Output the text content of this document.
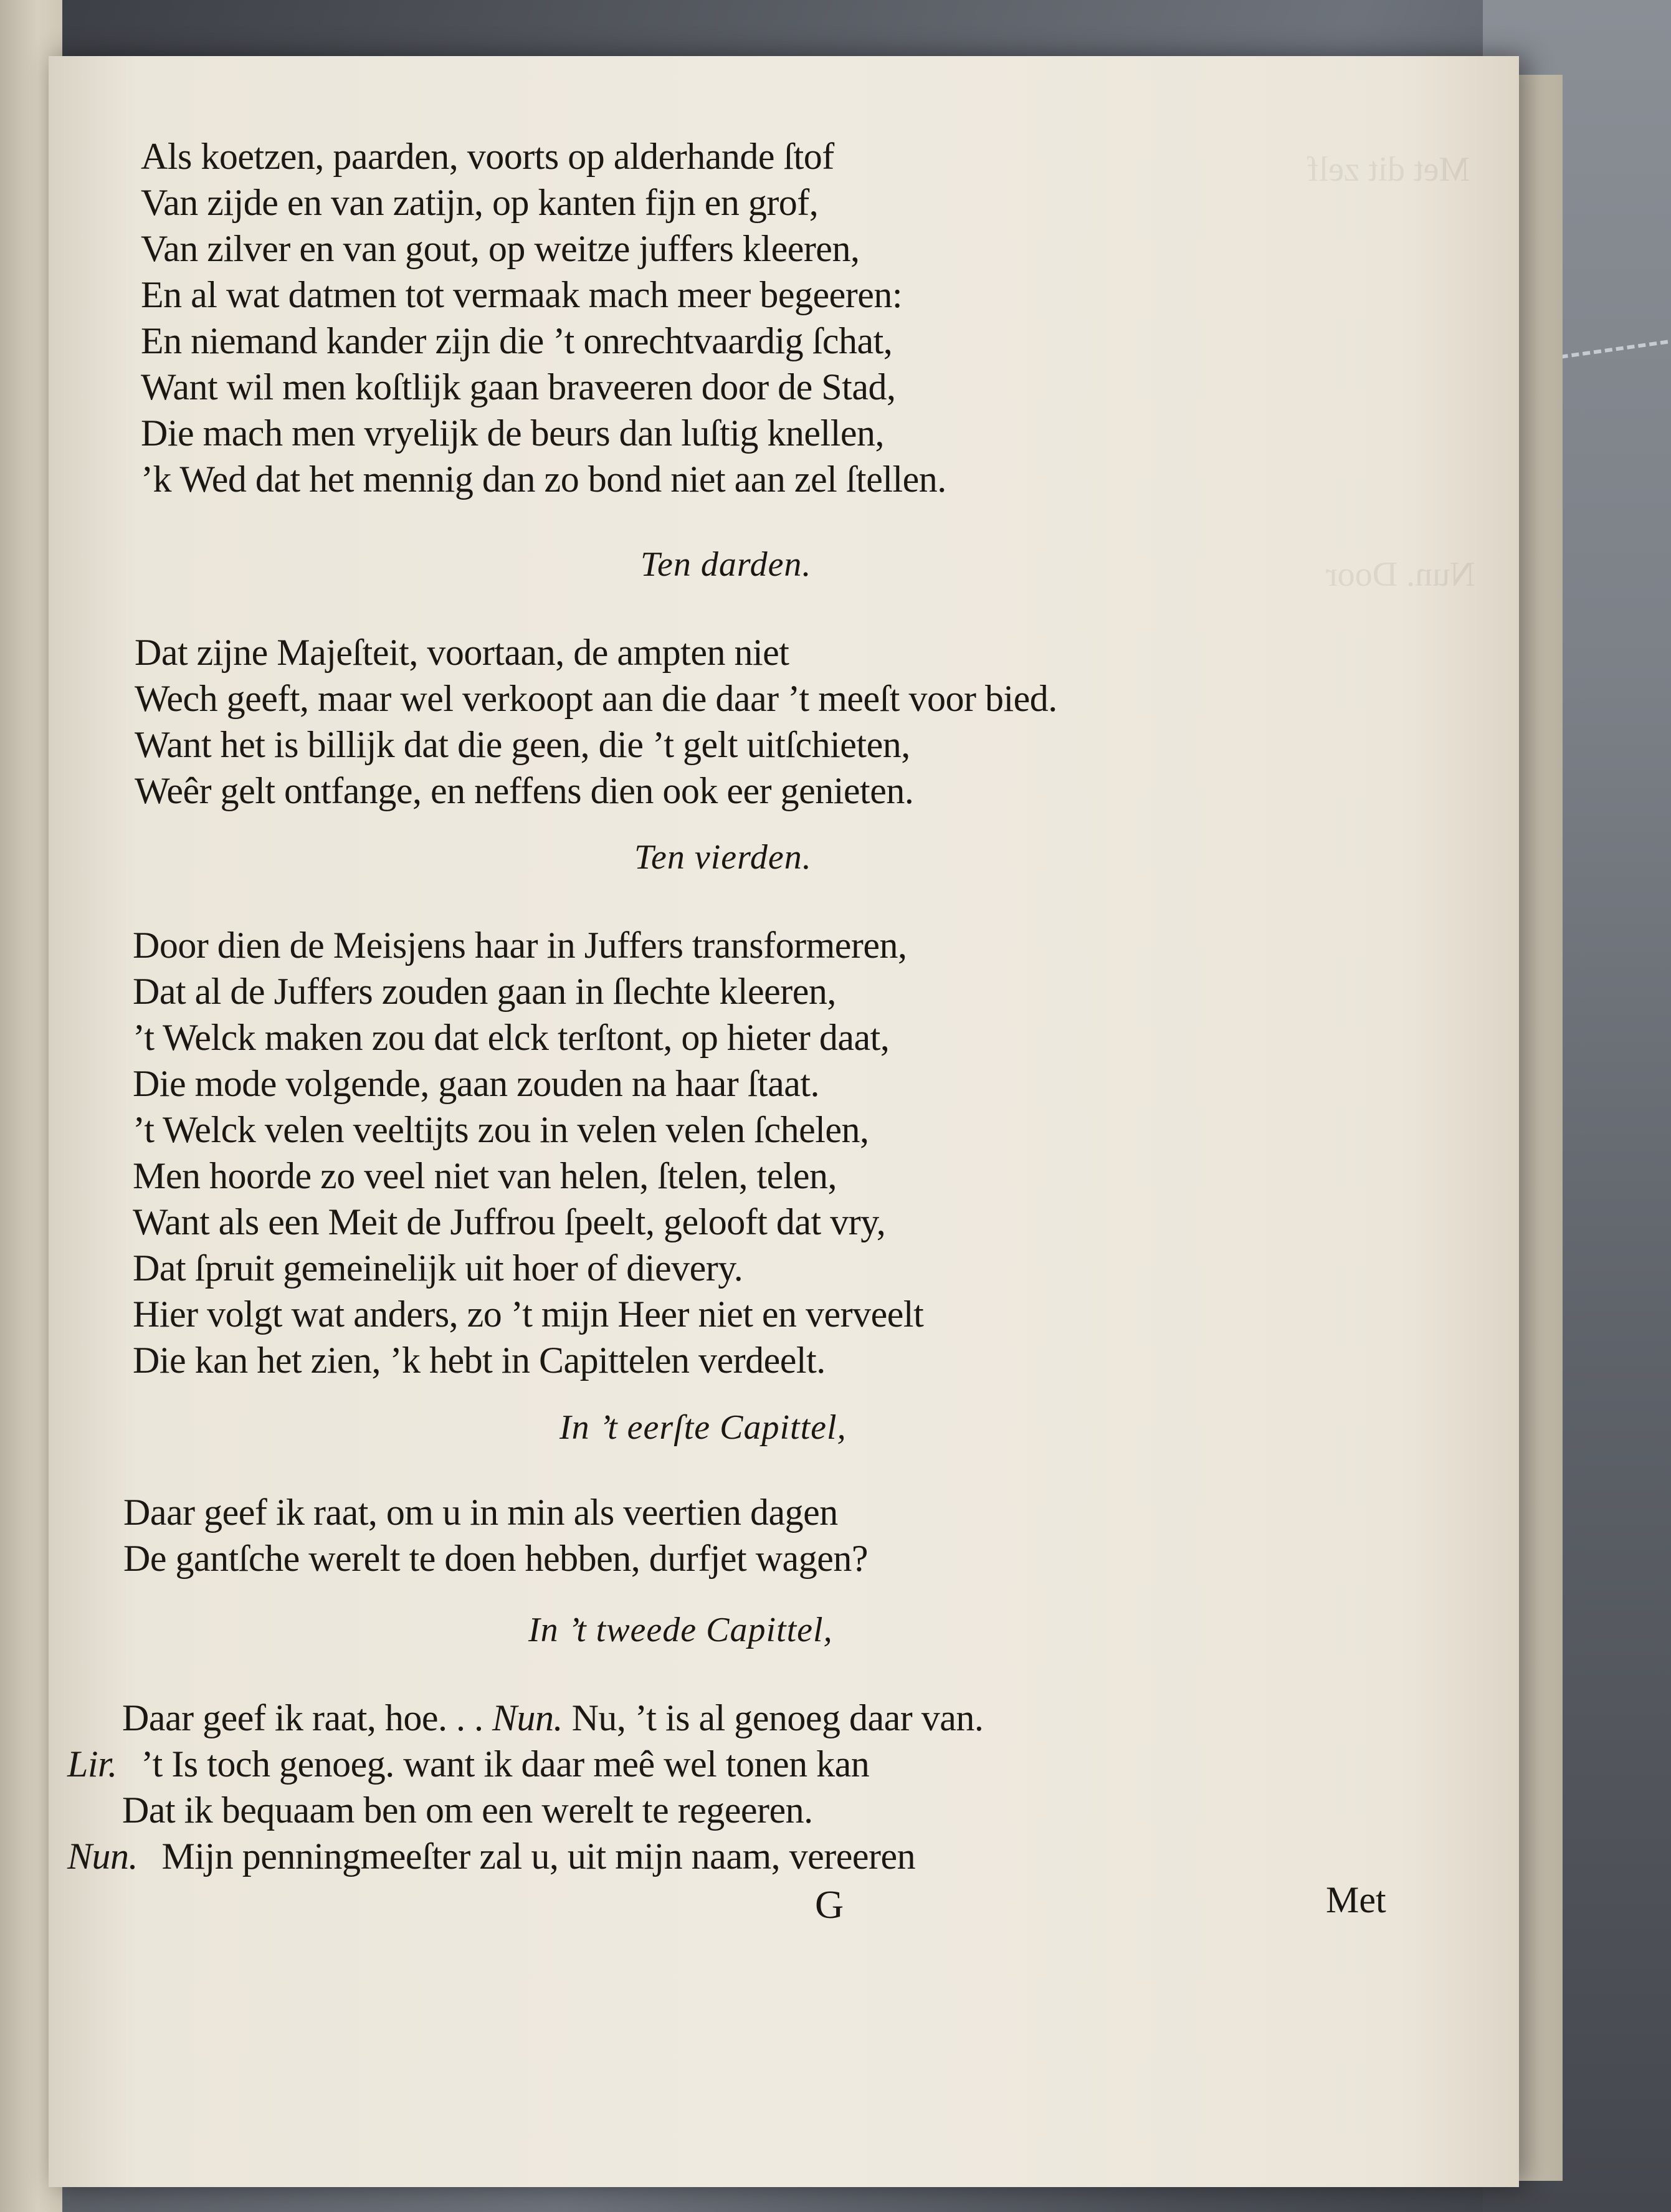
Met dit zelf
Nun. Door
Als koetzen, paarden, voorts op alderhande ſtof
Van zijde en van zatijn, op kanten fijn en grof,
Van zilver en van gout, op weitze juffers kleeren,
En al wat datmen tot vermaak mach meer begeeren:
En niemand kander zijn die ’t onrechtvaardig ſchat,
Want wil men koſtlijk gaan braveeren door de Stad,
Die mach men vryelijk de beurs dan luſtig knellen,
’k Wed dat het mennig dan zo bond niet aan zel ſtellen.
Ten darden.
Dat zijne Majeſteit, voortaan, de ampten niet
Wech geeft, maar wel verkoopt aan die daar ’t meeſt voor bied.
Want het is billijk dat die geen, die ’t gelt uitſchieten,
Weêr gelt ontfange, en neffens dien ook eer genieten.
Ten vierden.
Door dien de Meisjens haar in Juffers transformeren,
Dat al de Juffers zouden gaan in ſlechte kleeren,
’t Welck maken zou dat elck terſtont, op hieter daat,
Die mode volgende, gaan zouden na haar ſtaat.
’t Welck velen veeltijts zou in velen velen ſchelen,
Men hoorde zo veel niet van helen, ſtelen, telen,
Want als een Meit de Juffrou ſpeelt, gelooft dat vry,
Dat ſpruit gemeinelijk uit hoer of dievery.
Hier volgt wat anders, zo ’t mijn Heer niet en verveelt
Die kan het zien, ’k hebt in Capittelen verdeelt.
In ’t eerſte Capittel,
Daar geef ik raat, om u in min als veertien dagen
De gantſche werelt te doen hebben, durfjet wagen?
In ’t tweede Capittel,
Daar geef ik raat, hoe. . . Nun. Nu, ’t is al genoeg daar van.
Lir. ’t Is toch genoeg. want ik daar meê wel tonen kan
Dat ik bequaam ben om een werelt te regeeren.
Nun. Mijn penningmeeſter zal u, uit mijn naam, vereeren
G	Met
